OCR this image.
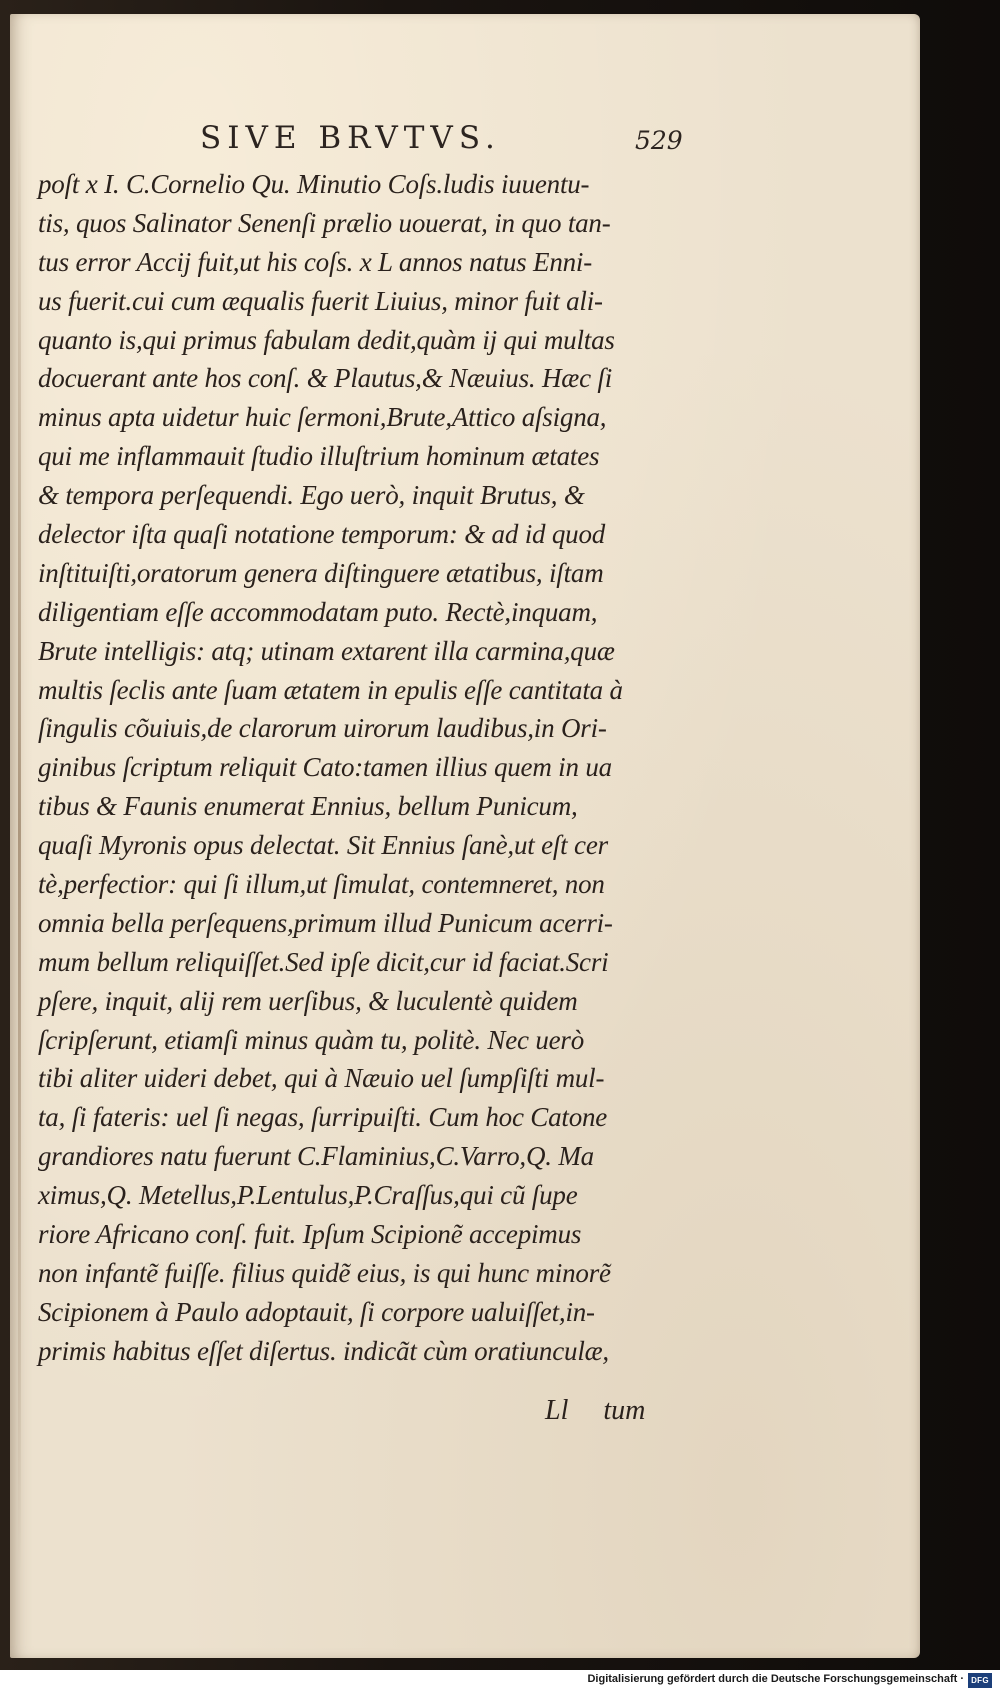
SIVE BRVTVS.	529
poſt x I. C.Cornelio Qu. Minutio Coſs.ludis iuuentu-
tis, quos Salinator Senenſi prælio uouerat, in quo tan-
tus error Accij fuit,ut his coſs. x L annos natus Enni-
us fuerit.cui cum æqualis fuerit Liuius, minor fuit ali-
quanto is,qui primus fabulam dedit,quàm ij qui multas
docuerant ante hos conſ. & Plautus,& Næuius. Hæc ſi
minus apta uidetur huic ſermoni,Brute,Attico aſsigna,
qui me inflammauit ſtudio illuſtrium hominum ætates
& tempora perſequendi. Ego uerò, inquit Brutus, &
delector iſta quaſi notatione temporum: & ad id quod
inſtituiſti,oratorum genera diſtinguere ætatibus, iſtam
diligentiam eſſe accommodatam puto. Rectè,inquam,
Brute intelligis: atq; utinam extarent illa carmina,quæ
multis ſeclis ante ſuam ætatem in epulis eſſe cantitata à
ſingulis cõuiuis,de clarorum uirorum laudibus,in Ori-
ginibus ſcriptum reliquit Cato:tamen illius quem in ua
tibus & Faunis enumerat Ennius, bellum Punicum,
quaſi Myronis opus delectat. Sit Ennius ſanè,ut eſt cer
tè,perfectior: qui ſi illum,ut ſimulat, contemneret, non
omnia bella perſequens,primum illud Punicum acerri-
mum bellum reliquiſſet.Sed ipſe dicit,cur id faciat.Scri
pſere, inquit, alij rem uerſibus, & luculentè quidem
ſcripſerunt, etiamſi minus quàm tu, politè. Nec uerò
tibi aliter uideri debet, qui à Næuio uel ſumpſiſti mul-
ta, ſi fateris: uel ſi negas, ſurripuiſti. Cum hoc Catone
grandiores natu fuerunt C.Flaminius,C.Varro,Q. Ma
ximus,Q. Metellus,P.Lentulus,P.Craſſus,qui cũ ſupe
riore Africano conſ. fuit. Ipſum Scipionẽ accepimus
non infantẽ fuiſſe. filius quidẽ eius, is qui hunc minorẽ
Scipionem à Paulo adoptauit, ſi corpore ualuiſſet,in-
primis habitus eſſet diſertus. indicãt cùm oratiunculæ,
Ll     tum
Digitalisierung gefördert durch die Deutsche Forschungsgemeinschaft · DFG
